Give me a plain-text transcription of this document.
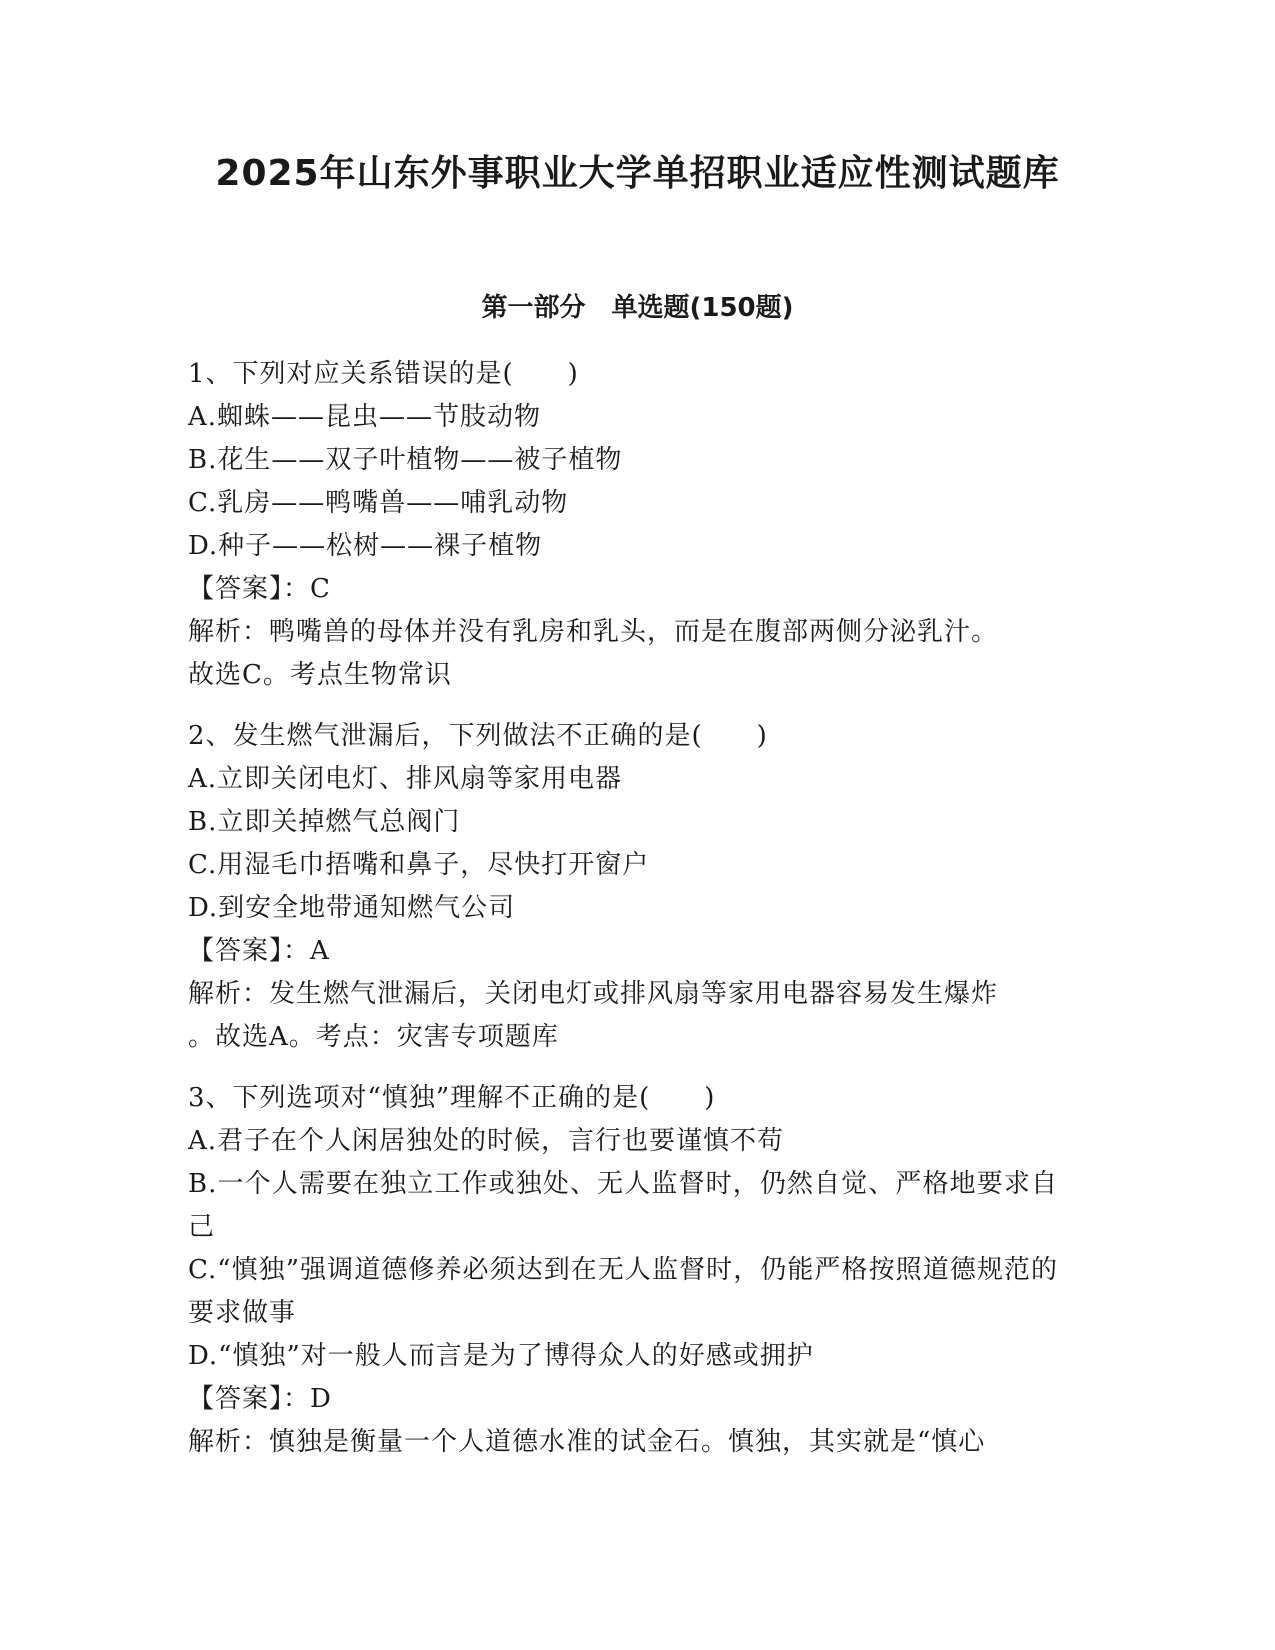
2025年山东外事职业大学单招职业适应性测试题库
第一部分　单选题(150题)

1、下列对应关系错误的是(　　)

A.蜘蛛——昆虫——节肢动物

B.花生——双子叶植物——被子植物

C.乳房——鸭嘴兽——哺乳动物

D.种子——松树——裸子植物

【答案】：C

解析：鸭嘴兽的母体并没有乳房和乳头，而是在腹部两侧分泌乳汁。

故选C。考点生物常识

2、发生燃气泄漏后，下列做法不正确的是(　　)

A.立即关闭电灯、排风扇等家用电器

B.立即关掉燃气总阀门

C.用湿毛巾捂嘴和鼻子，尽快打开窗户

D.到安全地带通知燃气公司

【答案】：A

解析：发生燃气泄漏后，关闭电灯或排风扇等家用电器容易发生爆炸

。故选A。考点：灾害专项题库

3、下列选项对“慎独”理解不正确的是(　　)

A.君子在个人闲居独处的时候，言行也要谨慎不苟

B.一个人需要在独立工作或独处、无人监督时，仍然自觉、严格地要求自己

C.“慎独”强调道德修养必须达到在无人监督时，仍能严格按照道德规范的要求做事

D.“慎独”对一般人而言是为了博得众人的好感或拥护

【答案】：D

解析：慎独是衡量一个人道德水准的试金石。慎独，其实就是“慎心
